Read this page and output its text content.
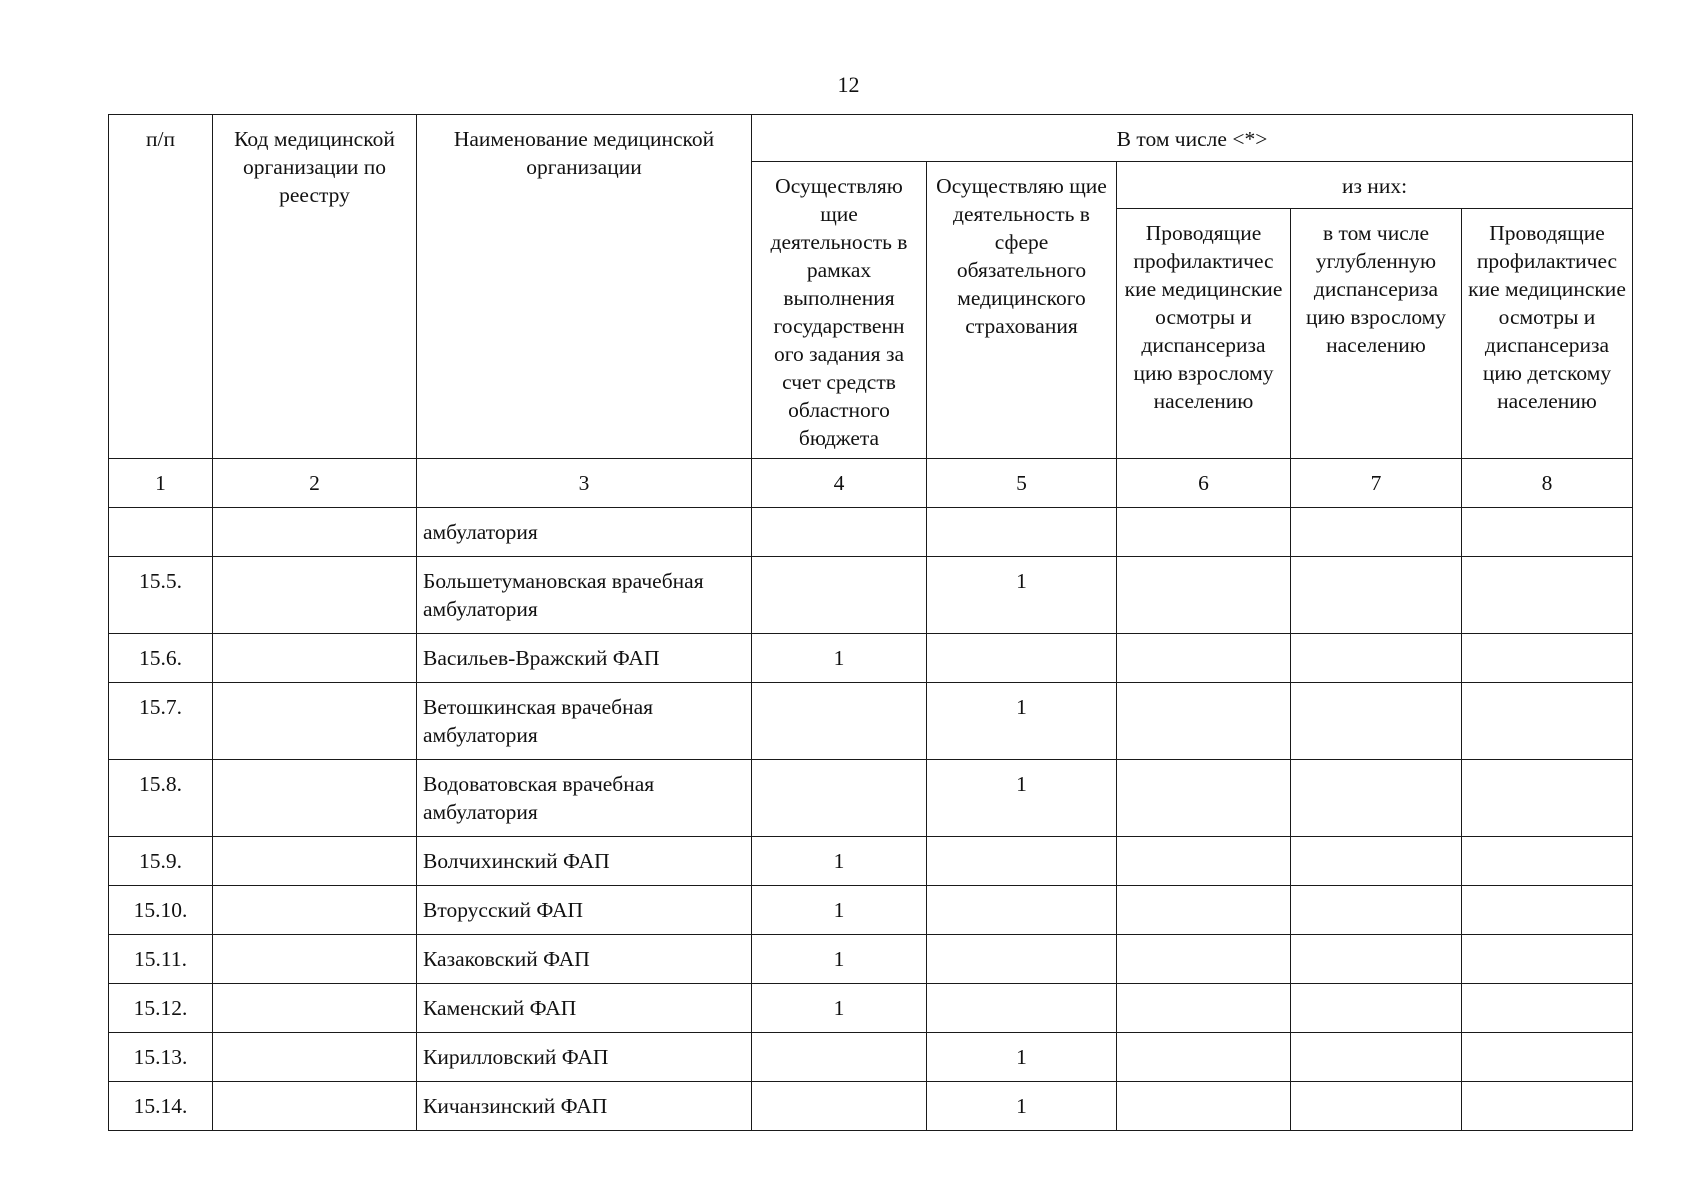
12
п/п	Код медицинской организации по реестру	Наименование медицинской организации	В том числе <*>				
			Осуществляю щие деятельность в рамках выполнения государственн ого задания за счет средств областного бюджета	Осуществляю щие деятельность в сфере обязательного медицинского страхования	из них:		
					Проводящие профилактичес кие медицинские осмотры и диспансериза цию взрослому населению	в том числе углубленную диспансериза цию взрослому населению	Проводящие профилактичес кие медицинские осмотры и диспансериза цию детскому населению
1	2	3	4	5	6	7	8
		амбулатория					
15.5.		Большетумановская врачебная амбулатория		1			
15.6.		Васильев-Вражский ФАП	1				
15.7.		Ветошкинская врачебная амбулатория		1			
15.8.		Водоватовская врачебная амбулатория		1			
15.9.		Волчихинский ФАП	1				
15.10.		Вторусский ФАП	1				
15.11.		Казаковский ФАП	1				
15.12.		Каменский ФАП	1				
15.13.		Кирилловский ФАП		1			
15.14.		Кичанзинский ФАП		1			
